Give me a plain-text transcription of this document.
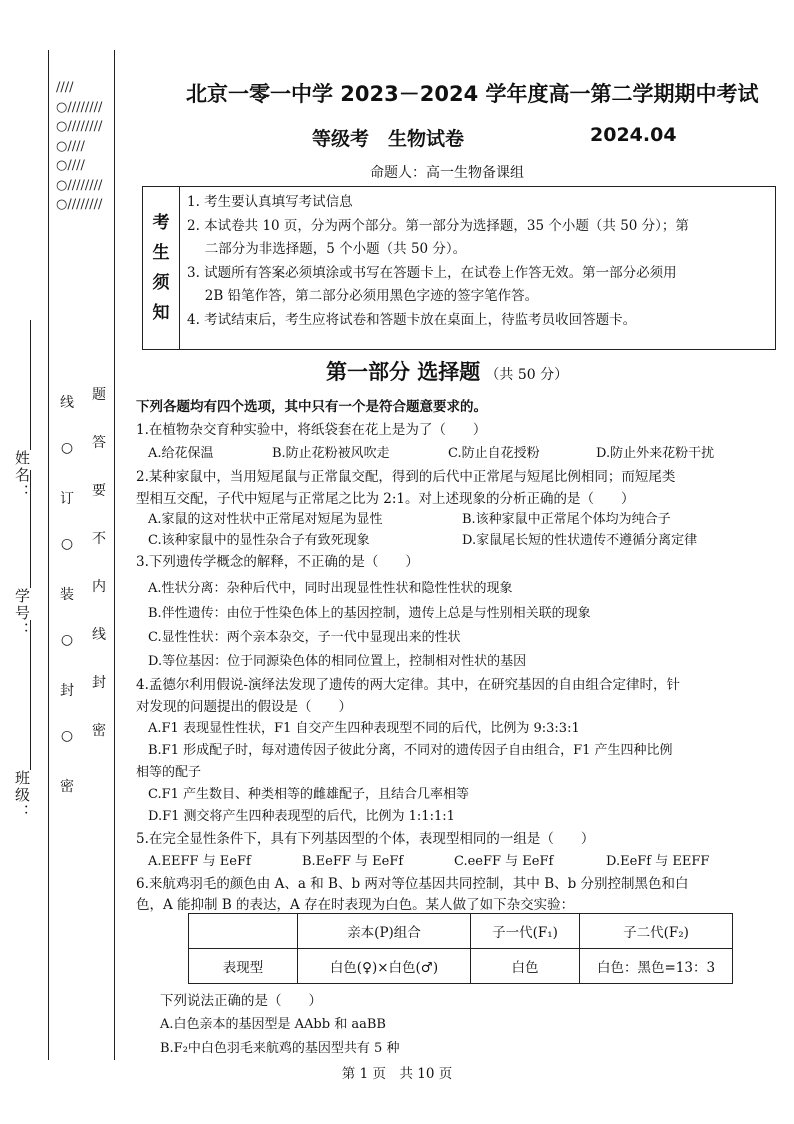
////○////////○////////○////○////○////////○////////
姓名：
学号：
班级：
线
○
订
○
装
○
封
○
密
题
答
要
不
内
线
封
密
北京一零一中学 2023－2024 学年度高一第二学期期中考试
等级考　生物试卷	2024.04
命题人：高一生物备课组
考
生
须
知
1. 考生要认真填写考试信息
2. 本试卷共 10 页，分为两个部分。第一部分为选择题，35 个小题（共 50 分）；第
　 二部分为非选择题，5 个小题（共 50 分）。
3. 试题所有答案必须填涂或书写在答题卡上，在试卷上作答无效。第一部分必须用
　 2B 铅笔作答，第二部分必须用黑色字迹的签字笔作答。
4. 考试结束后，考生应将试卷和答题卡放在桌面上，待监考员收回答题卡。
第一部分 选择题 （共 50 分）
下列各题均有四个选项，其中只有一个是符合题意要求的。
1.在植物杂交育种实验中，将纸袋套在花上是为了（　　）
A.给花保温	B.防止花粉被风吹走	C.防止自花授粉	D.防止外来花粉干扰
2.某种家鼠中，当用短尾鼠与正常鼠交配，得到的后代中正常尾与短尾比例相同；而短尾类
型相互交配，子代中短尾与正常尾之比为 2:1。对上述现象的分析正确的是（　　）
A.家鼠的这对性状中正常尾对短尾为显性	B.该种家鼠中正常尾个体均为纯合子
C.该种家鼠中的显性杂合子有致死现象	D.家鼠尾长短的性状遗传不遵循分离定律
3.下列遗传学概念的解释，不正确的是（　　）
A.性状分离：杂种后代中，同时出现显性性状和隐性性状的现象
B.伴性遗传：由位于性染色体上的基因控制，遗传上总是与性别相关联的现象
C.显性性状：两个亲本杂交，子一代中显现出来的性状
D.等位基因：位于同源染色体的相同位置上，控制相对性状的基因
4.孟德尔利用假说-演绎法发现了遗传的两大定律。其中，在研究基因的自由组合定律时，针
对发现的问题提出的假设是（　　）
A.F1 表现显性性状，F1 自交产生四种表现型不同的后代，比例为 9:3:3:1
B.F1 形成配子时，每对遗传因子彼此分离，不同对的遗传因子自由组合，F1 产生四种比例
相等的配子
C.F1 产生数目、种类相等的雌雄配子，且结合几率相等
D.F1 测交将产生四种表现型的后代，比例为 1:1:1:1
5.在完全显性条件下，具有下列基因型的个体，表现型相同的一组是（　　）
A.EEFF 与 EeFf	B.EeFF 与 EeFf	C.eeFF 与 EeFf	D.EeFf 与 EEFF
6.来航鸡羽毛的颜色由 A、a 和 B、b 两对等位基因共同控制，其中 B、b 分别控制黑色和白
色，A 能抑制 B 的表达，A 存在时表现为白色。某人做了如下杂交实验：
	亲本(P)组合	子一代(F₁)	子二代(F₂)
表现型	白色(♀)×白色(♂)	白色	白色：黑色=13：3
下列说法正确的是（　　）
A.白色亲本的基因型是 AAbb 和 aaBB
B.F₂中白色羽毛来航鸡的基因型共有 5 种
第 1 页　共 10 页
